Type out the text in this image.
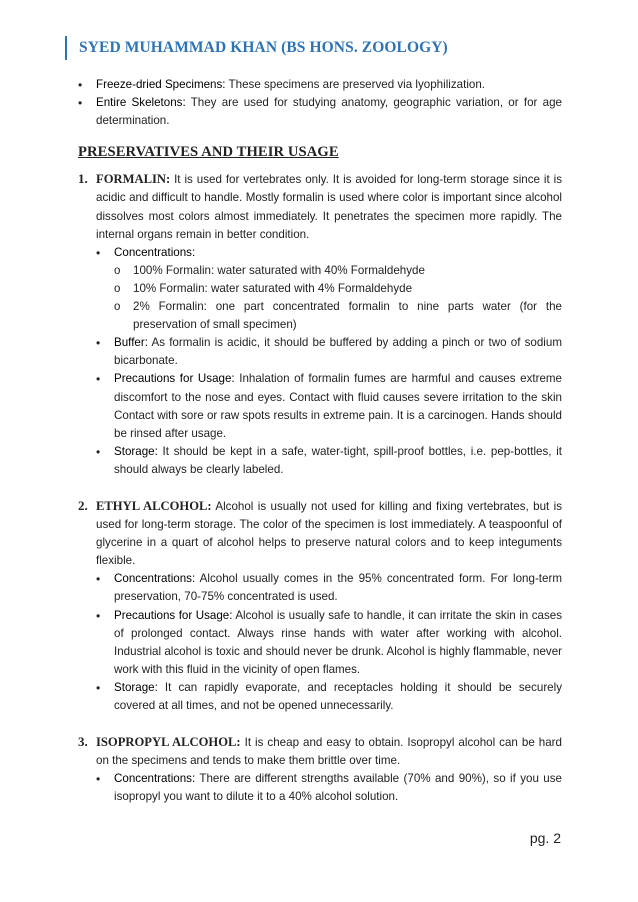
SYED MUHAMMAD KHAN (BS HONS. ZOOLOGY)
• Freeze-dried Specimens: These specimens are preserved via lyophilization.
• Entire Skeletons: They are used for studying anatomy, geographic variation, or for age determination.
PRESERVATIVES AND THEIR USAGE
1. FORMALIN: It is used for vertebrates only. It is avoided for long-term storage since it is acidic and difficult to handle. Mostly formalin is used where color is important since alcohol dissolves most colors almost immediately. It penetrates the specimen more rapidly. The internal organs remain in better condition.
• Concentrations:
o 100% Formalin: water saturated with 40% Formaldehyde
o 10% Formalin: water saturated with 4% Formaldehyde
o 2% Formalin: one part concentrated formalin to nine parts water (for the preservation of small specimen)
• Buffer: As formalin is acidic, it should be buffered by adding a pinch or two of sodium bicarbonate.
• Precautions for Usage: Inhalation of formalin fumes are harmful and causes extreme discomfort to the nose and eyes. Contact with fluid causes severe irritation to the skin Contact with sore or raw spots results in extreme pain. It is a carcinogen. Hands should be rinsed after usage.
• Storage: It should be kept in a safe, water-tight, spill-proof bottles, i.e. pep-bottles, it should always be clearly labeled.
2. ETHYL ALCOHOL: Alcohol is usually not used for killing and fixing vertebrates, but is used for long-term storage. The color of the specimen is lost immediately. A teaspoonful of glycerine in a quart of alcohol helps to preserve natural colors and to keep integuments flexible.
• Concentrations: Alcohol usually comes in the 95% concentrated form. For long-term preservation, 70-75% concentrated is used.
• Precautions for Usage: Alcohol is usually safe to handle, it can irritate the skin in cases of prolonged contact. Always rinse hands with water after working with alcohol. Industrial alcohol is toxic and should never be drunk. Alcohol is highly flammable, never work with this fluid in the vicinity of open flames.
• Storage: It can rapidly evaporate, and receptacles holding it should be securely covered at all times, and not be opened unnecessarily.
3. ISOPROPYL ALCOHOL: It is cheap and easy to obtain. Isopropyl alcohol can be hard on the specimens and tends to make them brittle over time.
• Concentrations: There are different strengths available (70% and 90%), so if you use isopropyl you want to dilute it to a 40% alcohol solution.
pg. 2
